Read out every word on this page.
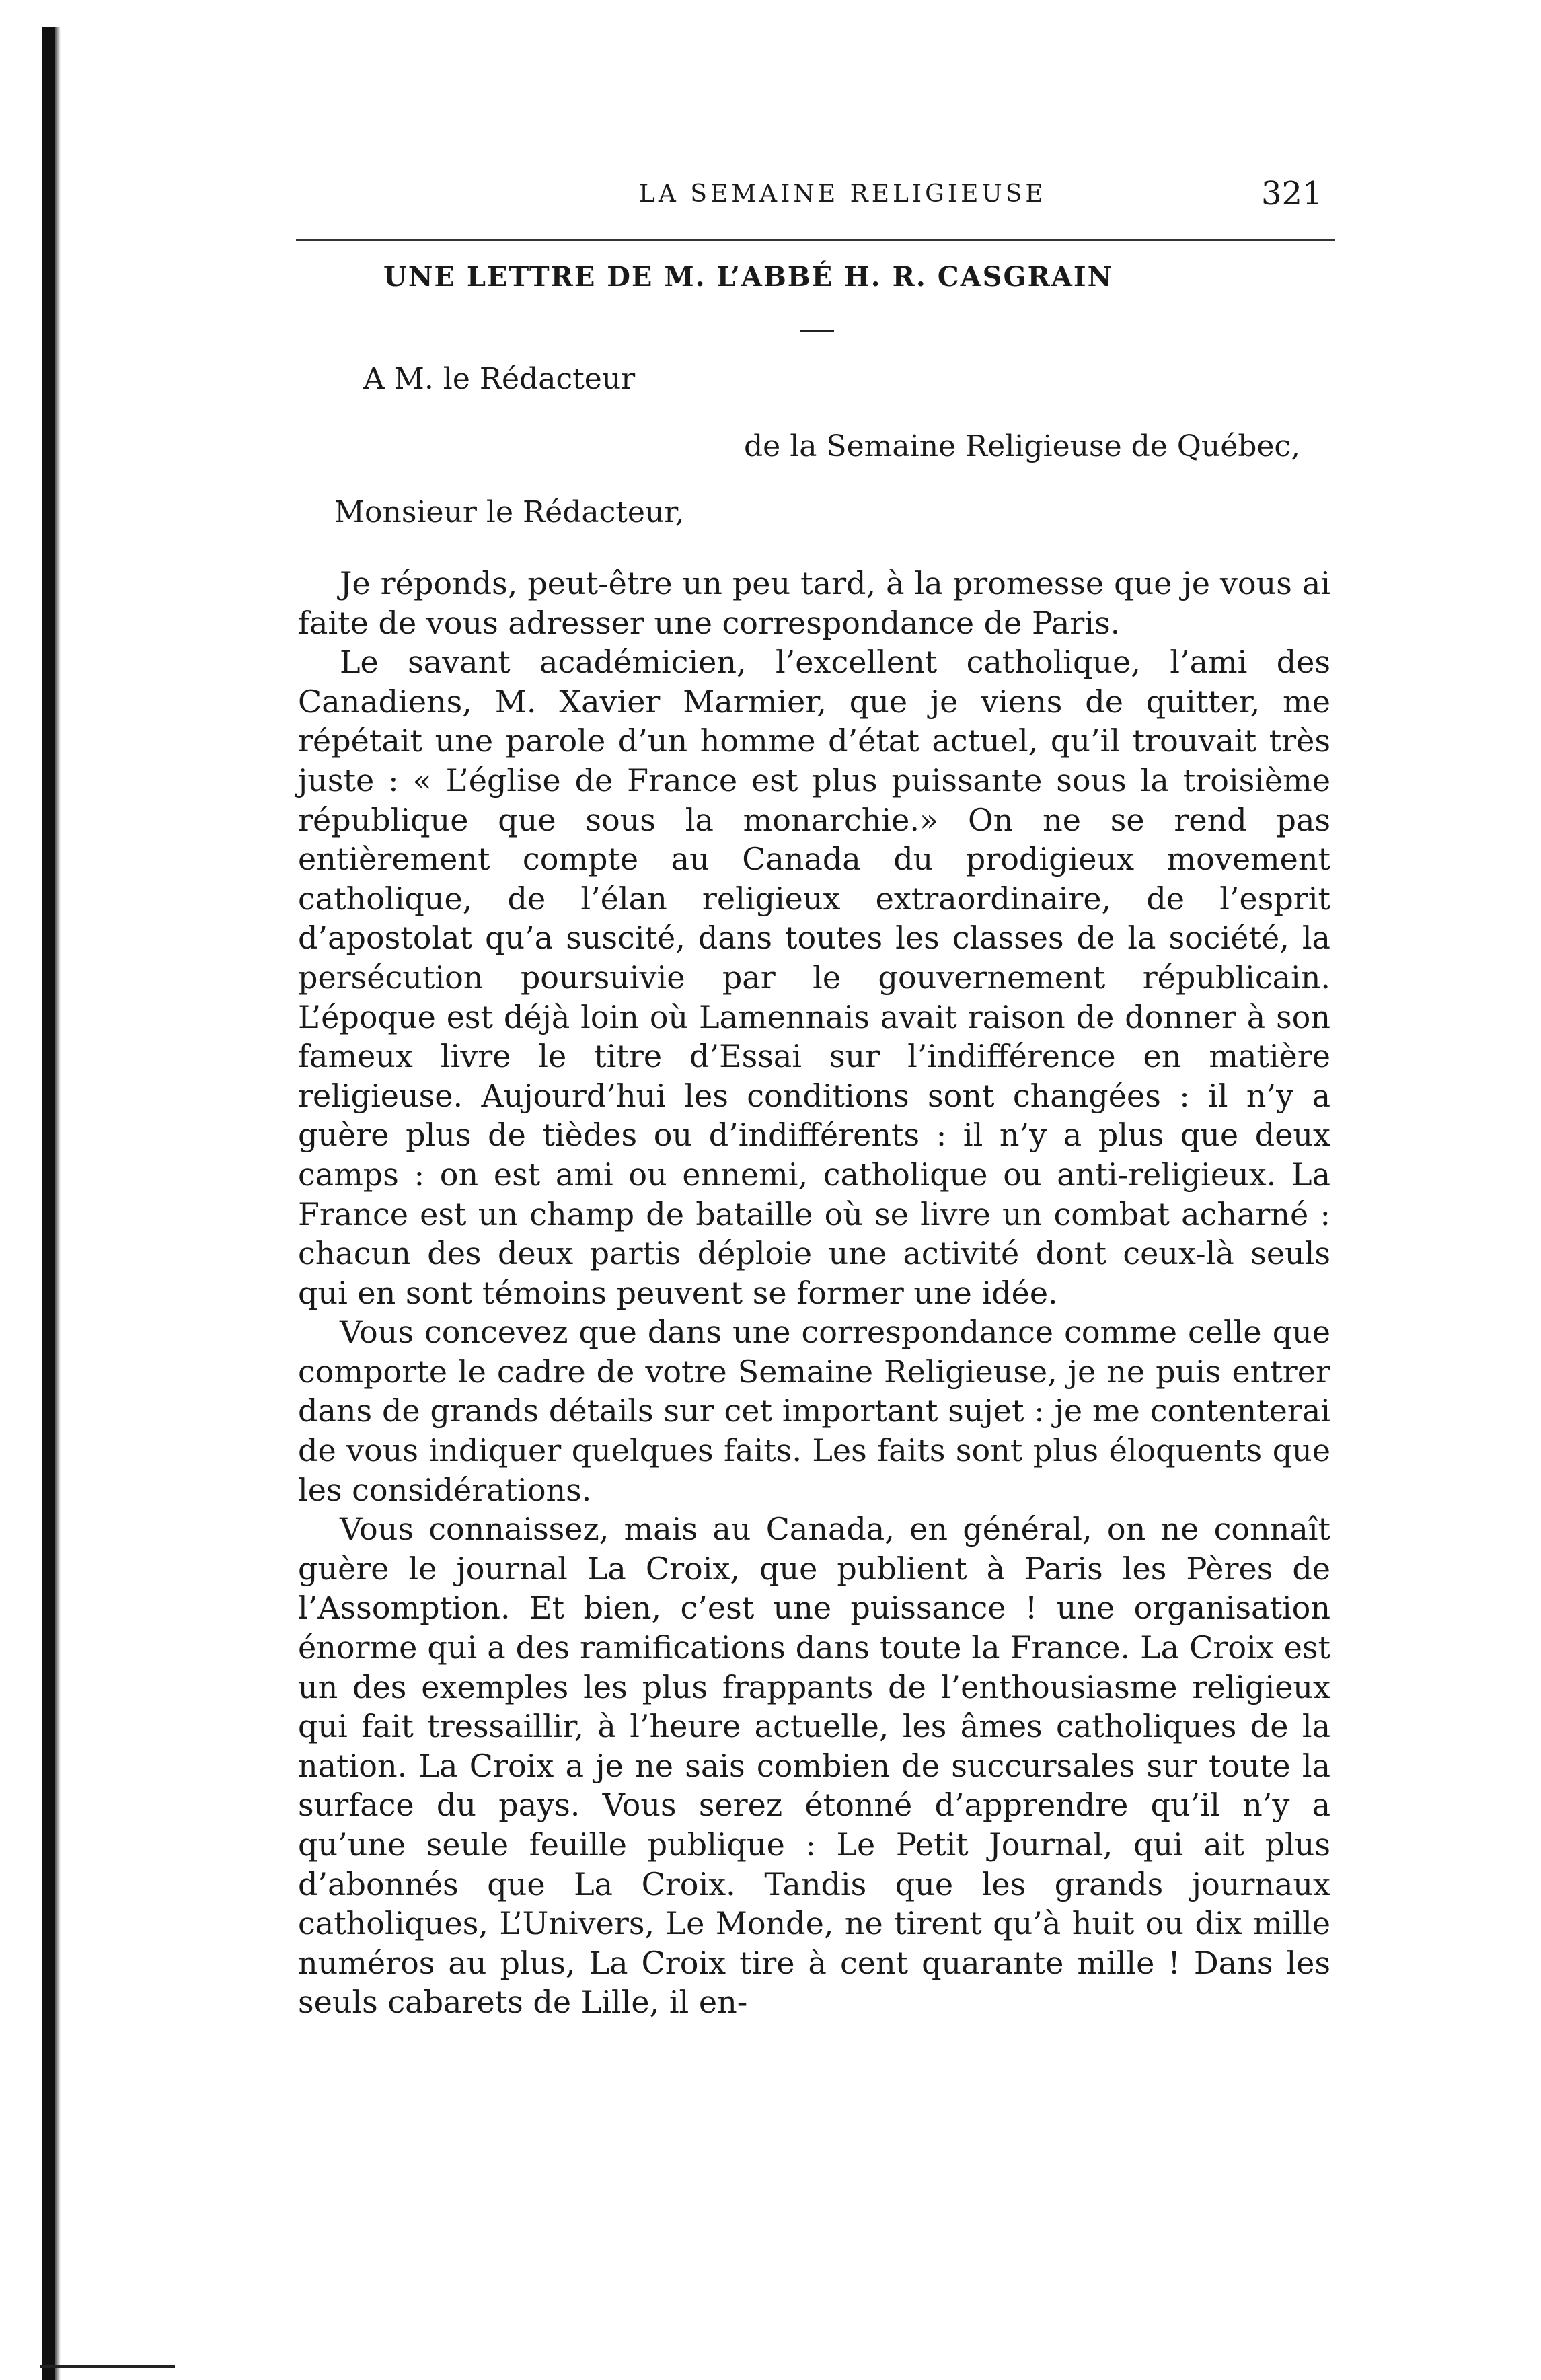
LA SEMAINE RELIGIEUSE	321
UNE LETTRE DE M. L’ABBÉ H. R. CASGRAIN
A M. le Rédacteur
de la Semaine Religieuse de Québec,
Monsieur le Rédacteur,

Je réponds, peut-être un peu tard, à la promesse que je vous ai faite de vous adresser une correspondance de Paris.

Le savant académicien, l’excellent catholique, l’ami des Canadiens, M. Xavier Marmier, que je viens de quitter, me répétait une parole d’un homme d’état actuel, qu’il trouvait très juste : « L’église de France est plus puissante sous la troisième république que sous la monarchie.» On ne se rend pas entièrement compte au Canada du prodigieux movement catholique, de l’élan religieux extraordinaire, de l’esprit d’apostolat qu’a suscité, dans toutes les classes de la société, la persécution poursuivie par le gouvernement républicain. L’époque est déjà loin où Lamennais avait raison de donner à son fameux livre le titre d’Essai sur l’indifférence en matière religieuse. Aujourd’hui les conditions sont changées : il n’y a guère plus de tièdes ou d’indifférents : il n’y a plus que deux camps : on est ami ou ennemi, catholique ou anti-religieux. La France est un champ de bataille où se livre un combat acharné : chacun des deux partis déploie une activité dont ceux-là seuls qui en sont témoins peuvent se former une idée.

Vous concevez que dans une correspondance comme celle que comporte le cadre de votre Semaine Religieuse, je ne puis entrer dans de grands détails sur cet important sujet : je me contenterai de vous indiquer quelques faits. Les faits sont plus éloquents que les considérations.

Vous connaissez, mais au Canada, en général, on ne connaît guère le journal La Croix, que publient à Paris les Pères de l’Assomption. Et bien, c’est une puissance ! une organisation énorme qui a des ramifications dans toute la France. La Croix est un des exemples les plus frappants de l’enthousiasme religieux qui fait tressaillir, à l’heure actuelle, les âmes catholiques de la nation. La Croix a je ne sais combien de succursales sur toute la surface du pays. Vous serez étonné d’apprendre qu’il n’y a qu’une seule feuille publique : Le Petit Journal, qui ait plus d’abonnés que La Croix. Tandis que les grands journaux catholiques, L’Univers, Le Monde, ne tirent qu’à huit ou dix mille numéros au plus, La Croix tire à cent quarante mille ! Dans les seuls cabarets de Lille, il en-
